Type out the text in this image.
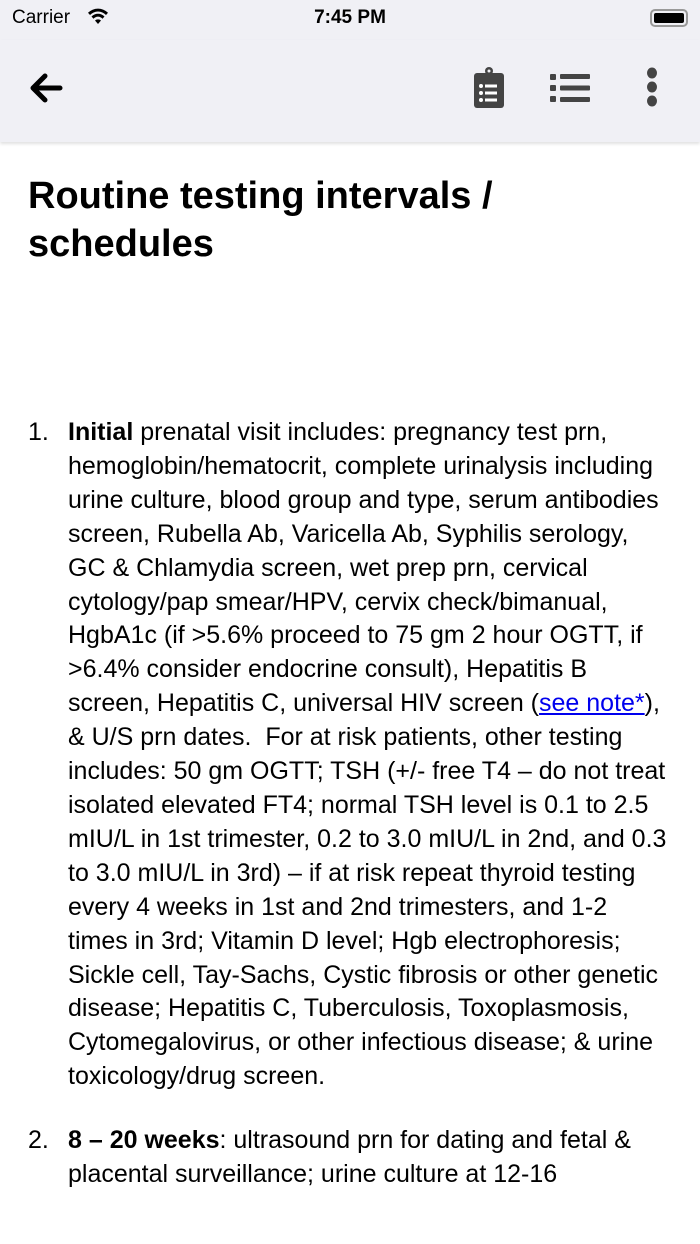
Carrier	7:45 PM
Routine testing intervals / schedules
1. Initial prenatal visit includes: pregnancy test prn, hemoglobin/hematocrit, complete urinalysis including urine culture, blood group and type, serum antibodies screen, Rubella Ab, Varicella Ab, Syphilis serology, GC & Chlamydia screen, wet prep prn, cervical cytology/pap smear/HPV, cervix check/bimanual, HgbA1c (if >5.6% proceed to 75 gm 2 hour OGTT, if >6.4% consider endocrine consult), Hepatitis B screen, Hepatitis C, universal HIV screen (see note*), & U/S prn dates.  For at risk patients, other testing includes: 50 gm OGTT; TSH (+/- free T4 – do not treat isolated elevated FT4; normal TSH level is 0.1 to 2.5 mIU/L in 1st trimester, 0.2 to 3.0 mIU/L in 2nd, and 0.3 to 3.0 mIU/L in 3rd) – if at risk repeat thyroid testing every 4 weeks in 1st and 2nd trimesters, and 1-2 times in 3rd; Vitamin D level; Hgb electrophoresis; Sickle cell, Tay-Sachs, Cystic fibrosis or other genetic disease; Hepatitis C, Tuberculosis, Toxoplasmosis, Cytomegalovirus, or other infectious disease; & urine toxicology/drug screen.
2. 8 – 20 weeks: ultrasound prn for dating and fetal & placental surveillance; urine culture at 12-16
